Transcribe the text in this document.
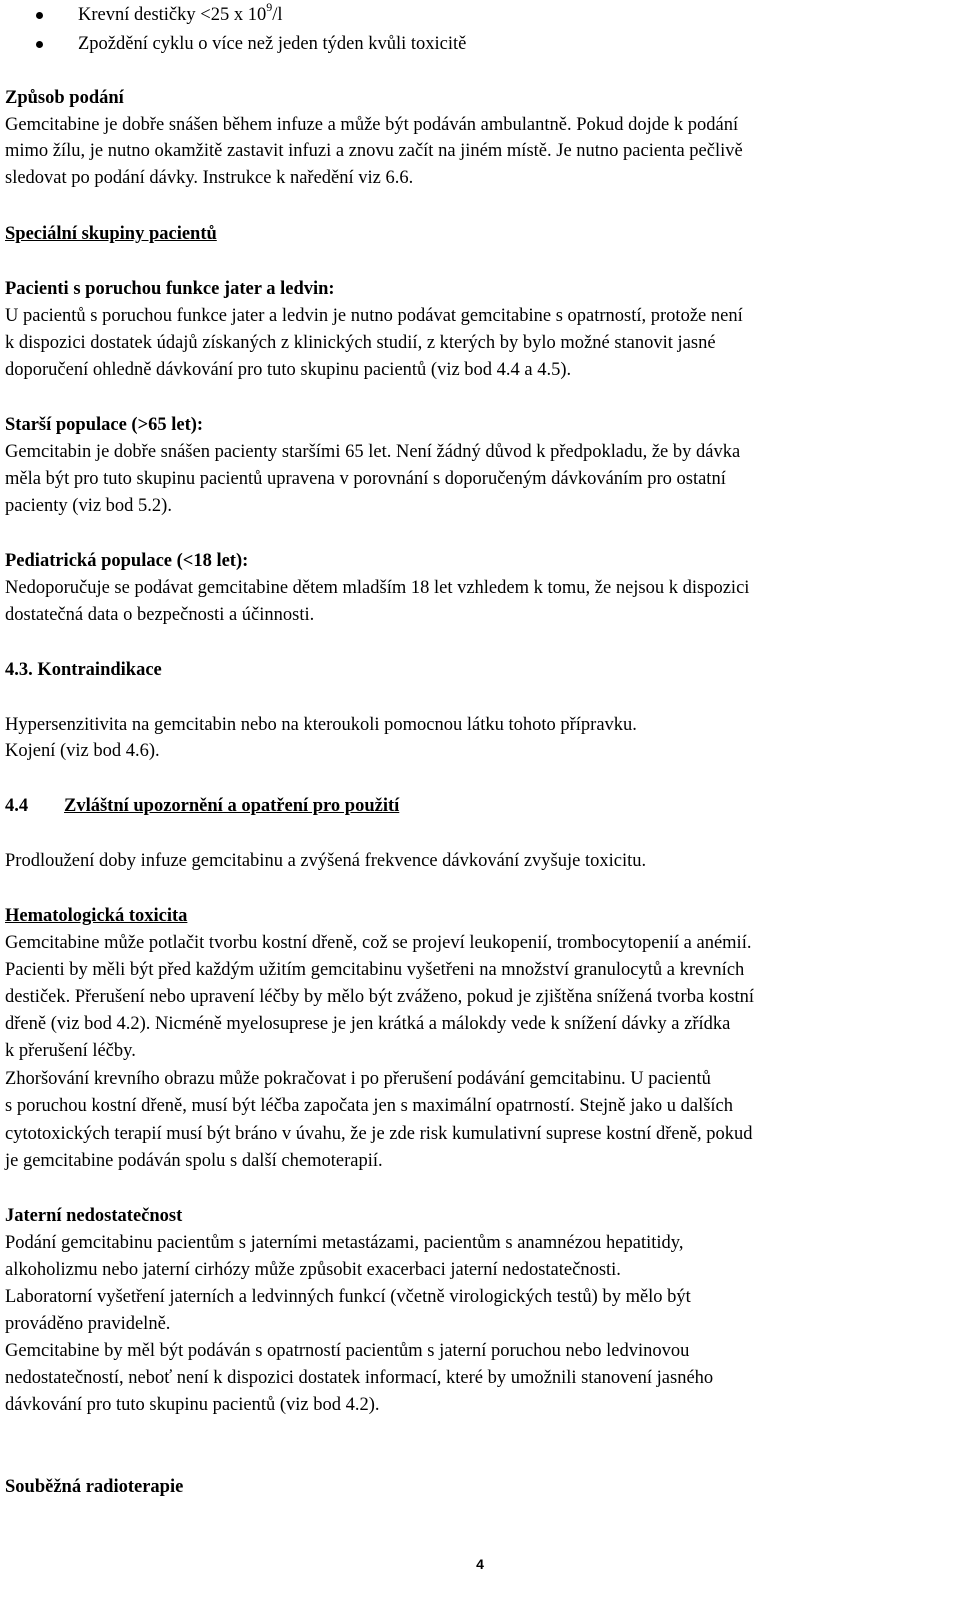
Krevní destičky <25 x $10^9/l$
Zpoždění cyklu o více než jeden týden kvůli toxicitě

Způsob podání

Gemcitabine je dobře snášen během infuze a může být podáván ambulantně. Pokud dojde k podání

mimo žílu, je nutno okamžitě zastavit infuzi a znovu začít na jiném místě. Je nutno pacienta pečlivě

sledovat po podání dávky. Instrukce k naředění viz 6.6.

Speciální skupiny pacientů

Pacienti s poruchou funkce jater a ledvin:

U pacientů s poruchou funkce jater a ledvin je nutno podávat gemcitabine s opatrností, protože není

k dispozici dostatek údajů získaných z klinických studií, z kterých by bylo možné stanovit jasné

doporučení ohledně dávkování pro tuto skupinu pacientů (viz bod 4.4 a 4.5).

Starší populace (>65 let):

Gemcitabin je dobře snášen pacienty staršími 65 let. Není žádný důvod k předpokladu, že by dávka

měla být pro tuto skupinu pacientů upravena v porovnání s doporučeným dávkováním pro ostatní

pacienty (viz bod 5.2).

Pediatrická populace (<18 let):

Nedoporučuje se podávat gemcitabine dětem mladším 18 let vzhledem k tomu, že nejsou k dispozici

dostatečná data o bezpečnosti a účinnosti.

4.3. Kontraindikace

Hypersenzitivita na gemcitabin nebo na kteroukoli pomocnou látku tohoto přípravku.

Kojení (viz bod 4.6).

4.4 Zvláštní upozornění a opatření pro použití

Prodloužení doby infuze gemcitabinu a zvýšená frekvence dávkování zvyšuje toxicitu.

Hematologická toxicita

Gemcitabine může potlačit tvorbu kostní dřeně, což se projeví leukopenií, trombocytopenií a anémií.

Pacienti by měli být před každým užitím gemcitabinu vyšetřeni na množství granulocytů a krevních

destiček. Přerušení nebo upravení léčby by mělo být zváženo, pokud je zjištěna snížená tvorba kostní

dřeně (viz bod 4.2). Nicméně myelosuprese je jen krátká a málokdy vede k snížení dávky a zřídka

k přerušení léčby.

Zhoršování krevního obrazu může pokračovat i po přerušení podávání gemcitabinu. U pacientů

s poruchou kostní dřeně, musí být léčba započata jen s maximální opatrností. Stejně jako u dalších

cytotoxických terapií musí být bráno v úvahu, že je zde risk kumulativní suprese kostní dřeně, pokud

je gemcitabine podáván spolu s další chemoterapií.

Jaterní nedostatečnost

Podání gemcitabinu pacientům s jaterními metastázami, pacientům s anamnézou hepatitidy,

alkoholizmu nebo jaterní cirhózy může způsobit exacerbaci jaterní nedostatečnosti.

Laboratorní vyšetření jaterních a ledvinných funkcí (včetně virologických testů) by mělo být

prováděno pravidelně.

Gemcitabine by měl být podáván s opatrností pacientům s jaterní poruchou nebo ledvinovou

nedostatečností, neboť není k dispozici dostatek informací, které by umožnili stanovení jasného

dávkování pro tuto skupinu pacientů (viz bod 4.2).

Souběžná radioterapie

4
